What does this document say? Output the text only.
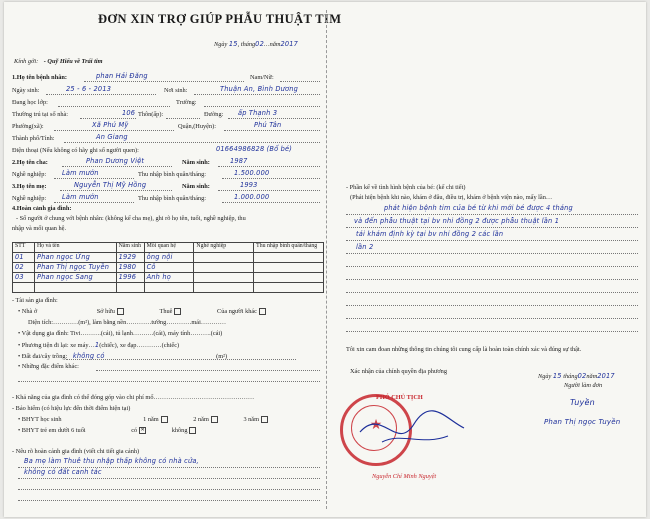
ĐƠN XIN TRỢ GIÚP PHẪU THUẬT TIM
Ngày 15, tháng02…năm2017
Kính gởi: - Quỹ Hiểu về Trái tim
1.Họ tên bệnh nhân:	phan Hải Đăng	Nam/Nữ:
Ngày sinh:	25 - 6 - 2013	Nơi sinh:	Thuận An, Bình Dương
Đang học lớp:	Trường:
Thường trú tại số nhà:	106 Thôn(ấp):	Đường: ấp Thạnh 3
Phường(xã):	Xã Phú Mỹ	Quận,(Huyện):	Phú Tân
Thành phố/Tỉnh:	An Giang
Điện thoại (Nếu không có hãy ghi số người quen):	01664986828 (Bố bé)
2.Họ tên cha:	Phan Dương Việt	Năm sinh:	1987
Nghề nghiệp: Làm mướn	Thu nhập bình quân/tháng:	1.500.000
3.Họ tên mẹ:	Nguyễn Thị Mỹ Hồng	Năm sinh:	1993
Nghề nghiệp: Làm mướn	Thu nhập bình quân/tháng:	1.000.000
4.Hoàn cảnh gia đình:
- Số người ở chung với bệnh nhân: (không kể cha mẹ), ghi rõ họ tên, tuổi, nghề nghiệp, thu
nhập và mối quan hệ.
STT	Họ và tên	Năm sinh	Mối quan hệ	Nghề nghiệp	Thu nhập bình quân/tháng
01	Phan ngọc Ứng	1929	ông nội		
02	Phan Thị ngọc Tuyền	1980	Cô		
03	Phan ngọc Sang	1996	Anh họ		

- Tài sản gia đình:
• Nhà ở	Sở hữu	Thuê	Của người khác
Diện tích:…………(m²), làm bằng nền…………tường…………mái…………
• Vật dụng gia đình: Tivi……….(cái), tủ lạnh……….(cái), máy tính……….(cái)
• Phương tiện đi lại: xe máy…1(chiếc), xe đạp…………(chiếc)
• Đất đai/cây trồng: không có	(m²)
• Những đặc điểm khác:
- Khả năng của gia đình có thể đóng góp vào chi phí mổ…………………………………………
- Bảo hiểm (có hiệu lực đến thời điểm hiện tại)
• BHYT học sinh	1 năm	2 năm	3 năm
• BHYT trẻ em dưới 6 tuổi	có ✕	không
- Nêu rõ hoàn cảnh gia đình (viết chi tiết gia cảnh)
Ba mẹ làm Thuê thu nhập thấp không có nhà cửa,
không có đất canh tác
- Phần kể về tình hình bệnh của bé: (kể chi tiết)
(Phát hiện bệnh khi nào, khám ở đâu, điều trị, khám ở bệnh viện nào, mấy lần…
phát hiện bệnh tim của bé từ khi mới bé được 4 tháng
và đến phẫu thuật tại bv nhi đồng 2 được phẫu thuật lần 1
tái khám định kỳ tại bv nhi đồng 2 các lần
lần 2
Tôi xin cam đoan những thông tin chúng tôi cung cấp là hoàn toàn chính xác và đúng sự thật.
Xác nhận của chính quyền địa phương
Ngày 15 tháng02năm2017
Người làm đơn
Tuyền
Phan Thị ngọc Tuyền
PHÓ CHỦ TỊCH
★
Nguyễn Chí Minh Nguyệt
